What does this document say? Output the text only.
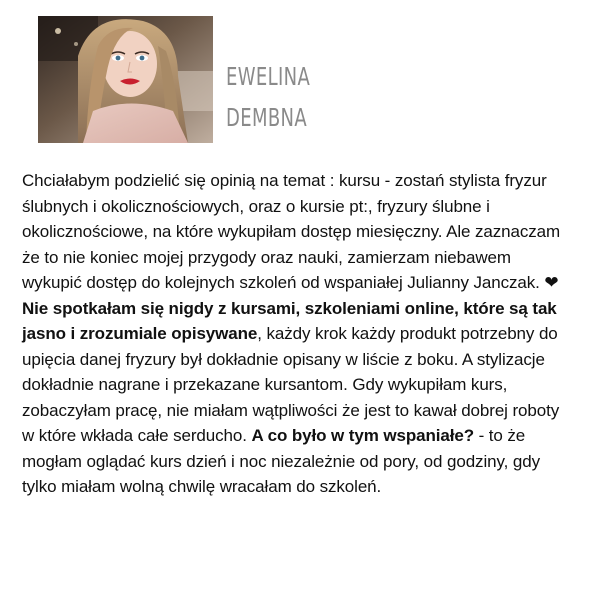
EWELINA
DEMBNA

Chciałabym podzielić się opinią na temat : kursu - zostań stylista fryzur ślubnych i okolicznościowych, oraz o kursie pt:, fryzury ślubne i okolicznościowe, na które wykupiłam dostęp miesięczny. Ale zaznaczam że to nie koniec mojej przygody oraz nauki, zamierzam niebawem wykupić dostęp do kolejnych szkoleń od wspaniałej Julianny Janczak. ❤

Nie spotkałam się nigdy z kursami, szkoleniami online, które są tak jasno i zrozumiale opisywane, każdy krok każdy produkt potrzebny do upięcia danej fryzury był dokładnie opisany w liście z boku. A stylizacje dokładnie nagrane i przekazane kursantom. Gdy wykupiłam kurs, zobaczyłam pracę, nie miałam wątpliwości że jest to kawał dobrej roboty w które wkłada całe serducho. A co było w tym wspaniałe? - to że mogłam oglądać kurs dzień i noc niezależnie od pory, od godziny, gdy tylko miałam wolną chwilę wracałam do szkoleń.
